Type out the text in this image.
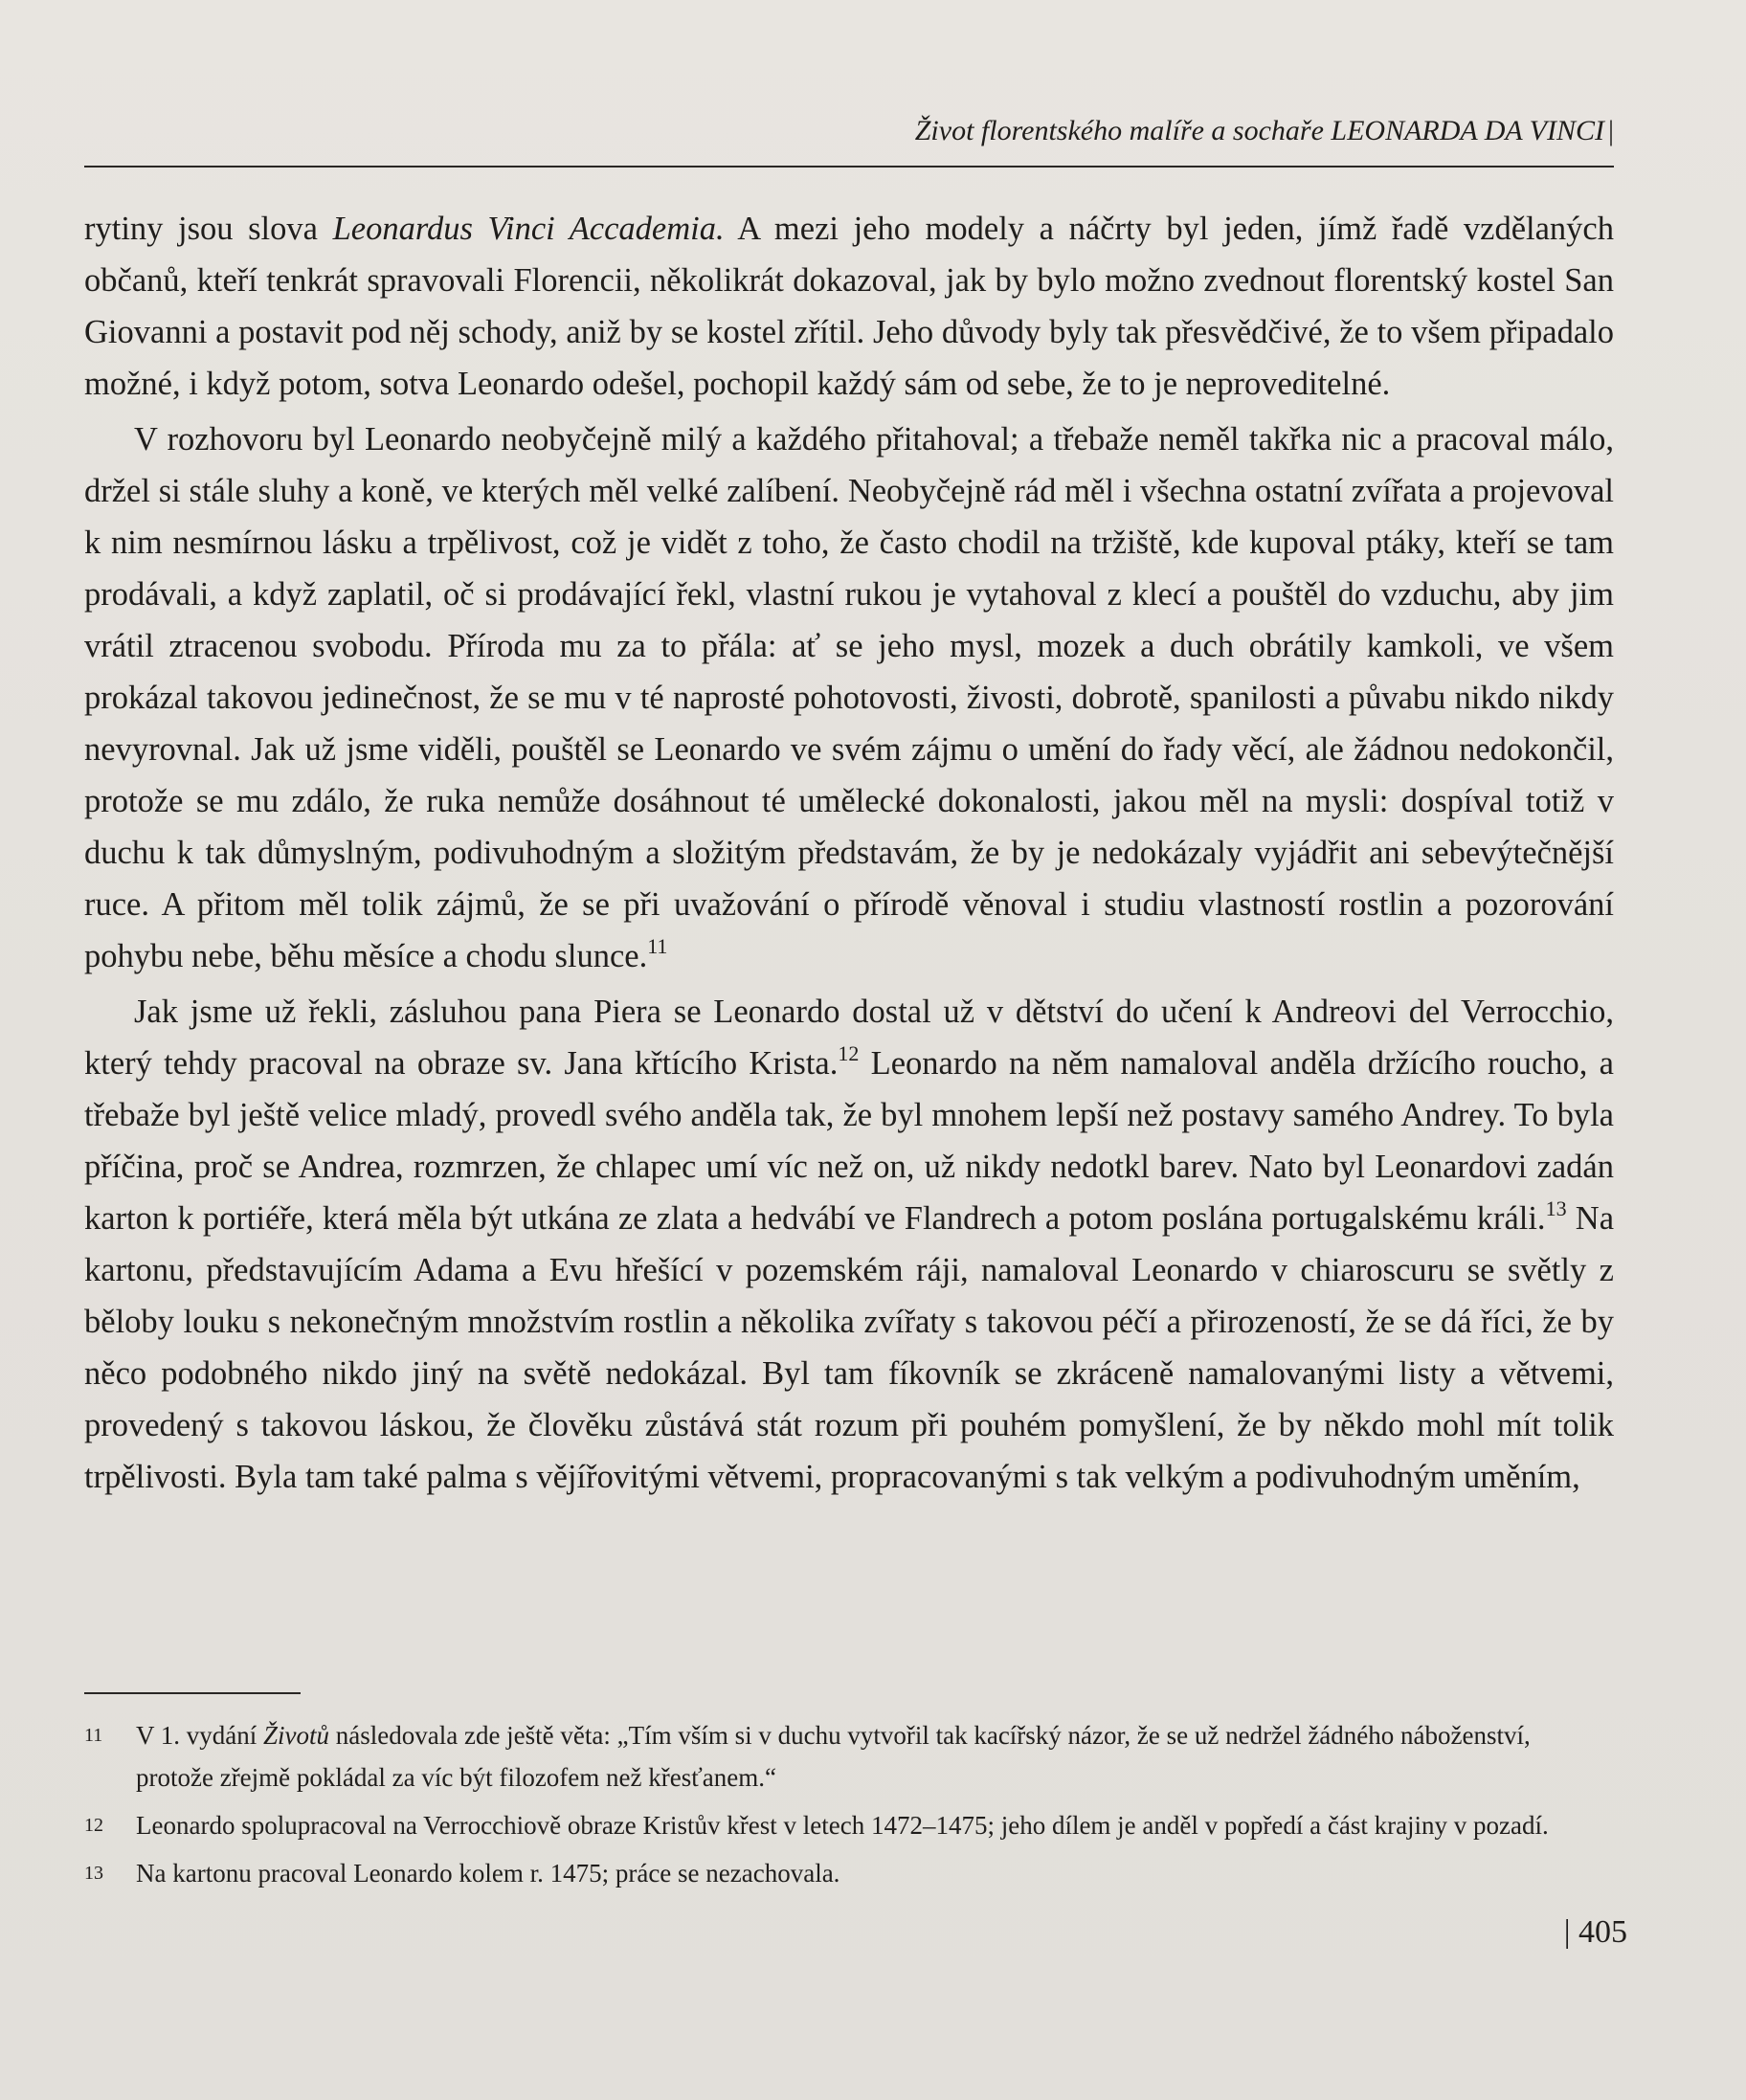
Život florentského malíře a sochaře LEONARDA DA VINCI |

rytiny jsou slova Leonardus Vinci Accademia. A mezi jeho modely a náčrty byl jeden, jímž řadě vzdělaných občanů, kteří tenkrát spravovali Florencii, několikrát dokazoval, jak by bylo možno zvednout florentský kostel San Giovanni a postavit pod něj schody, aniž by se kostel zřítil. Jeho důvody byly tak přesvědčivé, že to všem připadalo možné, i když potom, sotva Leonardo odešel, pochopil každý sám od sebe, že to je neproveditelné.

V rozhovoru byl Leonardo neobyčejně milý a každého přitahoval; a třebaže neměl takřka nic a pracoval málo, držel si stále sluhy a koně, ve kterých měl velké zalíbení. Neobyčejně rád měl i všechna ostatní zvířata a projevoval k nim nesmírnou lásku a trpělivost, což je vidět z toho, že často chodil na tržiště, kde kupoval ptáky, kteří se tam prodávali, a když zaplatil, oč si prodávající řekl, vlastní rukou je vytahoval z klecí a pouštěl do vzduchu, aby jim vrátil ztracenou svobodu. Příroda mu za to přála: ať se jeho mysl, mozek a duch obrátily kamkoli, ve všem prokázal takovou jedinečnost, že se mu v té naprosté pohotovosti, živosti, dobrotě, spanilosti a půvabu nikdo nikdy nevyrovnal. Jak už jsme viděli, pouštěl se Leonardo ve svém zájmu o umění do řady věcí, ale žádnou nedokončil, protože se mu zdálo, že ruka nemůže dosáhnout té umělecké dokonalosti, jakou měl na mysli: dospíval totiž v duchu k tak důmyslným, podivuhodným a složitým představám, že by je nedokázaly vyjádřit ani sebevýtečnější ruce. A přitom měl tolik zájmů, že se při uvažování o přírodě věnoval i studiu vlastností rostlin a pozorování pohybu nebe, běhu měsíce a chodu slunce.$^{11}$

Jak jsme už řekli, zásluhou pana Piera se Leonardo dostal už v dětství do učení k Andreovi del Verrocchio, který tehdy pracoval na obraze sv. Jana křtícího Krista.$^{12}$ Leonardo na něm namaloval anděla držícího roucho, a třebaže byl ještě velice mladý, provedl svého anděla tak, že byl mnohem lepší než postavy samého Andrey. To byla příčina, proč se Andrea, rozmrzen, že chlapec umí víc než on, už nikdy nedotkl barev. Nato byl Leonardovi zadán karton k portiéře, která měla být utkána ze zlata a hedvábí ve Flandrech a potom poslána portugalskému králi.$^{13}$ Na kartonu, představujícím Adama a Evu hřešící v pozemském ráji, namaloval Leonardo v chiaroscuru se světly z běloby louku s nekonečným množstvím rostlin a několika zvířaty s takovou péčí a přirozeností, že se dá říci, že by něco podobného nikdo jiný na světě nedokázal. Byl tam fíkovník se zkráceně namalovanými listy a větvemi, provedený s takovou láskou, že člověku zůstává stát rozum při pouhém pomyšlení, že by někdo mohl mít tolik trpělivosti. Byla tam také palma s vějířovitými větvemi, propracovanými s tak velkým a podivuhodným uměním,

11 V 1. vydání Životů následovala zde ještě věta: „Tím vším si v duchu vytvořil tak kacířský názor, že se už nedržel žádného náboženství, protože zřejmě pokládal za víc být filozofem než křesťanem.“
12 Leonardo spolupracoval na Verrocchiově obraze Kristův křest v letech 1472–1475; jeho dílem je anděl v popředí a část krajiny v pozadí.
13 Na kartonu pracoval Leonardo kolem r. 1475; práce se nezachovala.
| 405
